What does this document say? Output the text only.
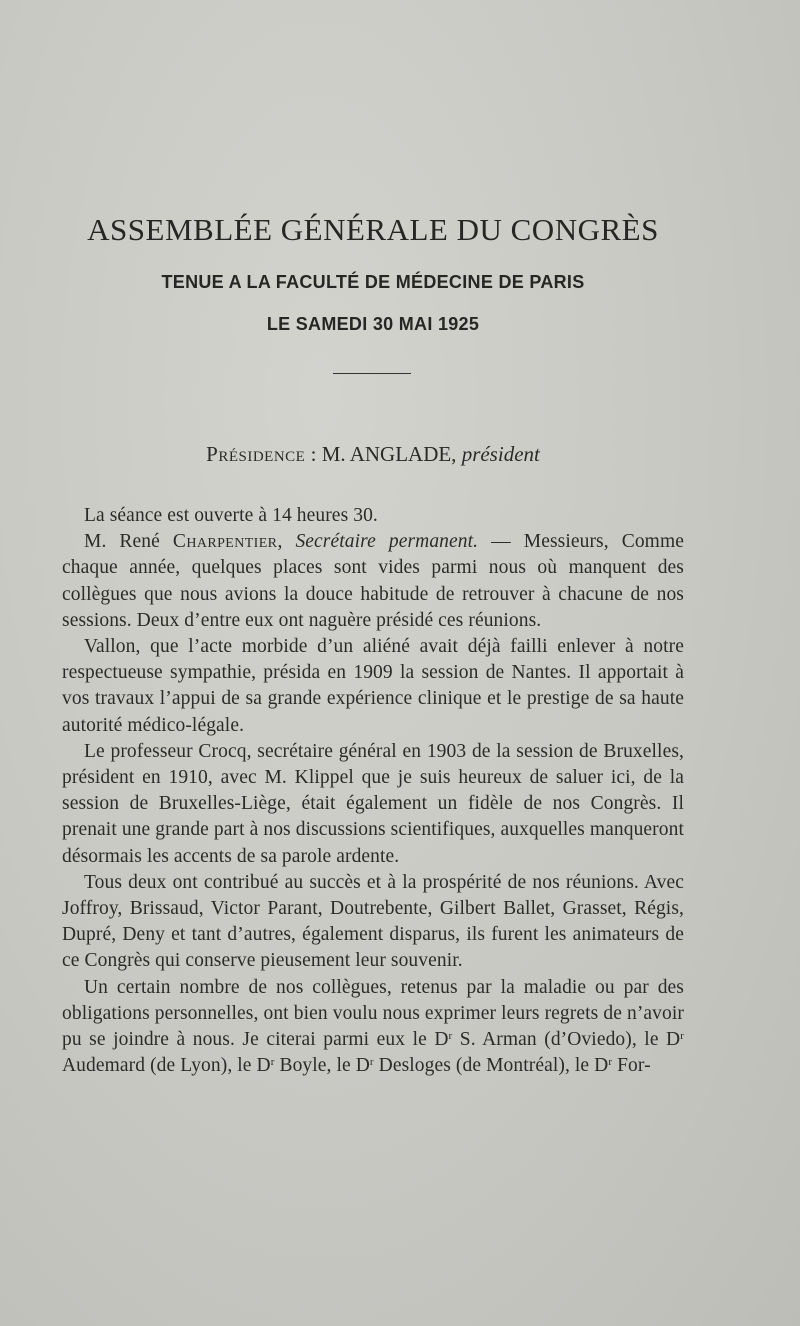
ASSEMBLÉE GÉNÉRALE DU CONGRÈS
TENUE A LA FACULTÉ DE MÉDECINE DE PARIS
LE SAMEDI 30 MAI 1925
Présidence : M. ANGLADE, président

La séance est ouverte à 14 heures 30.

M. René Charpentier, Secrétaire permanent. — Messieurs, Comme chaque année, quelques places sont vides parmi nous où manquent des collègues que nous avions la douce habitude de retrouver à chacune de nos sessions. Deux d’entre eux ont naguère présidé ces réunions.

Vallon, que l’acte morbide d’un aliéné avait déjà failli enlever à notre respectueuse sympathie, présida en 1909 la session de Nantes. Il apportait à vos travaux l’appui de sa grande expérience clinique et le prestige de sa haute autorité médico-légale.

Le professeur Crocq, secrétaire général en 1903 de la session de Bruxelles, président en 1910, avec M. Klippel que je suis heureux de saluer ici, de la session de Bruxelles-Liège, était également un fidèle de nos Congrès. Il prenait une grande part à nos discussions scientifiques, auxquelles manqueront désormais les accents de sa parole ardente.

Tous deux ont contribué au succès et à la prospérité de nos réunions. Avec Joffroy, Brissaud, Victor Parant, Doutrebente, Gilbert Ballet, Grasset, Régis, Dupré, Deny et tant d’autres, également disparus, ils furent les animateurs de ce Congrès qui conserve pieusement leur souvenir.

Un certain nombre de nos collègues, retenus par la maladie ou par des obligations personnelles, ont bien voulu nous exprimer leurs regrets de n’avoir pu se joindre à nous. Je citerai parmi eux le $D^r$ S. Arman (d’Oviedo), le $D^r$ Audemard (de Lyon), le $D^r$ Boyle, le $D^r$ Desloges (de Montréal), le $D^r$ For-
